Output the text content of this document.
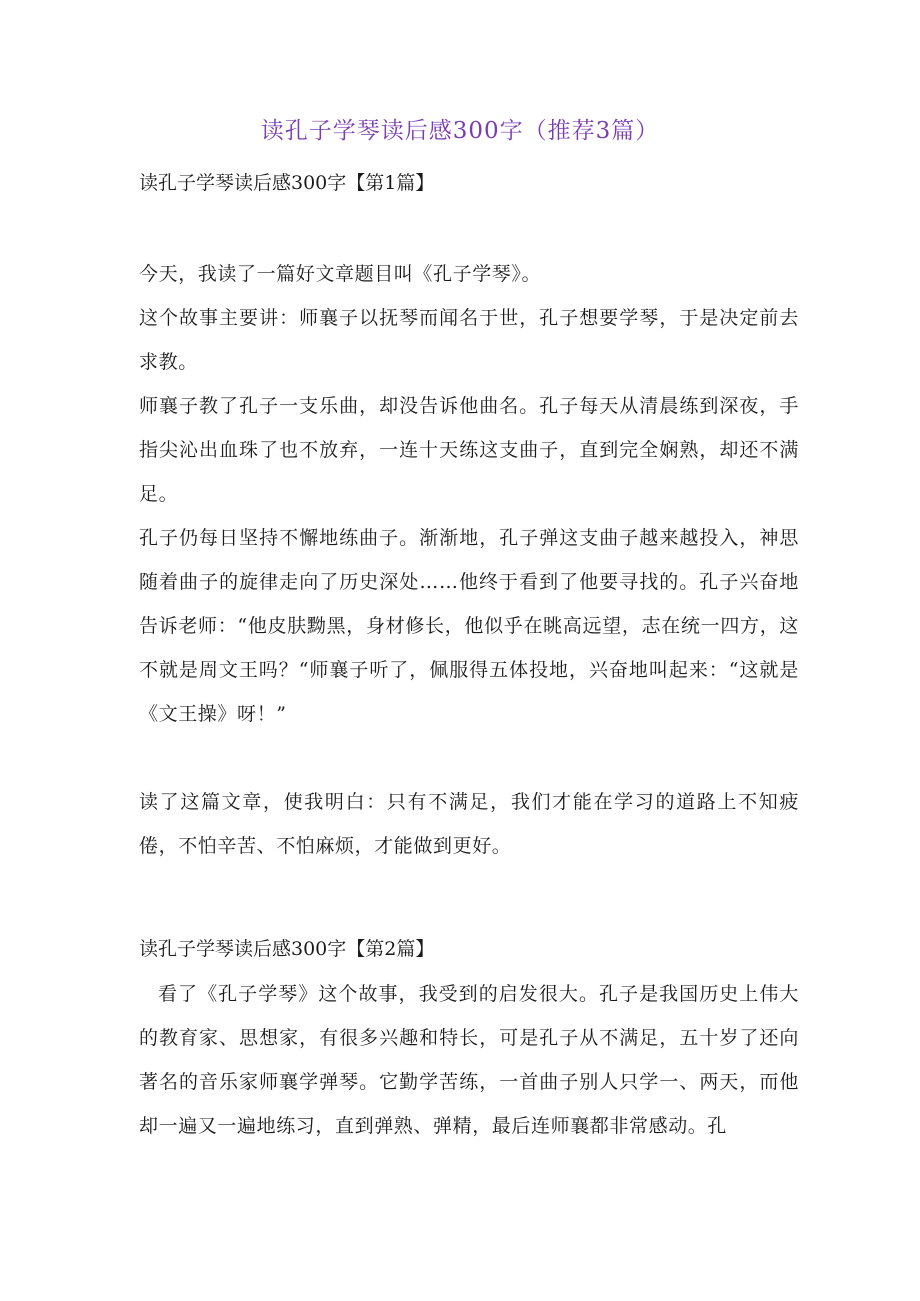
读孔子学琴读后感300字（推荐3篇）
读孔子学琴读后感300字【第1篇】

今天，我读了一篇好文章题目叫《孔子学琴》。

这个故事主要讲：师襄子以抚琴而闻名于世，孔子想要学琴，于是决定前去求教。

师襄子教了孔子一支乐曲，却没告诉他曲名。孔子每天从清晨练到深夜，手指尖沁出血珠了也不放弃，一连十天练这支曲子，直到完全娴熟，却还不满足。

孔子仍每日坚持不懈地练曲子。渐渐地，孔子弹这支曲子越来越投入，神思随着曲子的旋律走向了历史深处……他终于看到了他要寻找的。孔子兴奋地告诉老师：“他皮肤黝黑，身材修长，他似乎在眺高远望，志在统一四方，这不就是周文王吗？“师襄子听了，佩服得五体投地，兴奋地叫起来：“这就是《文王操》呀！”

读了这篇文章，使我明白：只有不满足，我们才能在学习的道路上不知疲倦，不怕辛苦、不怕麻烦，才能做到更好。

读孔子学琴读后感300字【第2篇】

看了《孔子学琴》这个故事，我受到的启发很大。孔子是我国历史上伟大的教育家、思想家，有很多兴趣和特长，可是孔子从不满足，五十岁了还向著名的音乐家师襄学弹琴。它勤学苦练，一首曲子别人只学一、两天，而他却一遍又一遍地练习，直到弹熟、弹精，最后连师襄都非常感动。孔
